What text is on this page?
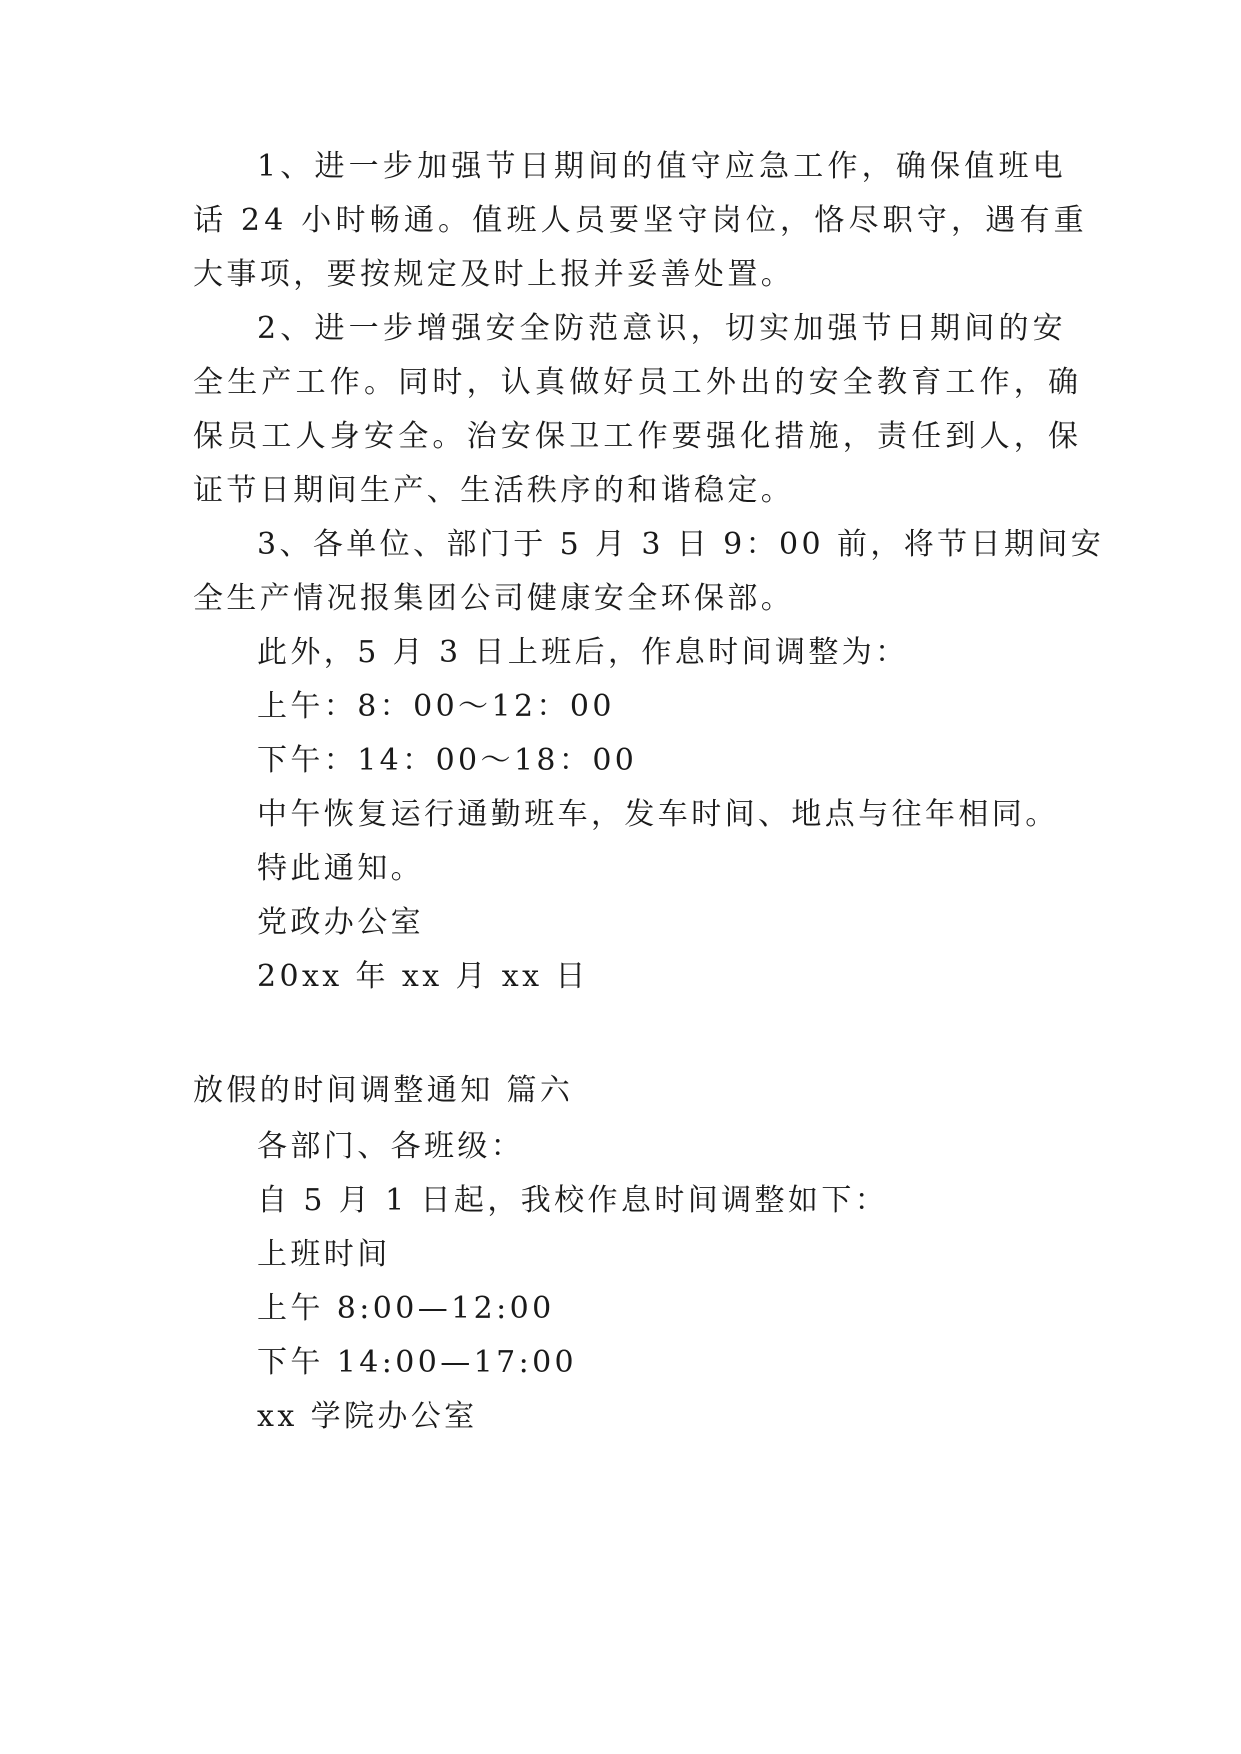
1、进一步加强节日期间的值守应急工作，确保值班电
话 24 小时畅通。值班人员要坚守岗位，恪尽职守，遇有重
大事项，要按规定及时上报并妥善处置。
2、进一步增强安全防范意识，切实加强节日期间的安
全生产工作。同时，认真做好员工外出的安全教育工作，确
保员工人身安全。治安保卫工作要强化措施，责任到人，保
证节日期间生产、生活秩序的和谐稳定。
3、各单位、部门于 5 月 3 日 9：00 前，将节日期间安
全生产情况报集团公司健康安全环保部。
此外，5 月 3 日上班后，作息时间调整为：
上午：8：00～12：00
下午：14：00～18：00
中午恢复运行通勤班车，发车时间、地点与往年相同。
特此通知。
党政办公室
20xx 年 xx 月 xx 日
放假的时间调整通知 篇六
各部门、各班级：
自 5 月 1 日起，我校作息时间调整如下：
上班时间
上午 8:00—12:00
下午 14:00—17:00
xx 学院办公室
